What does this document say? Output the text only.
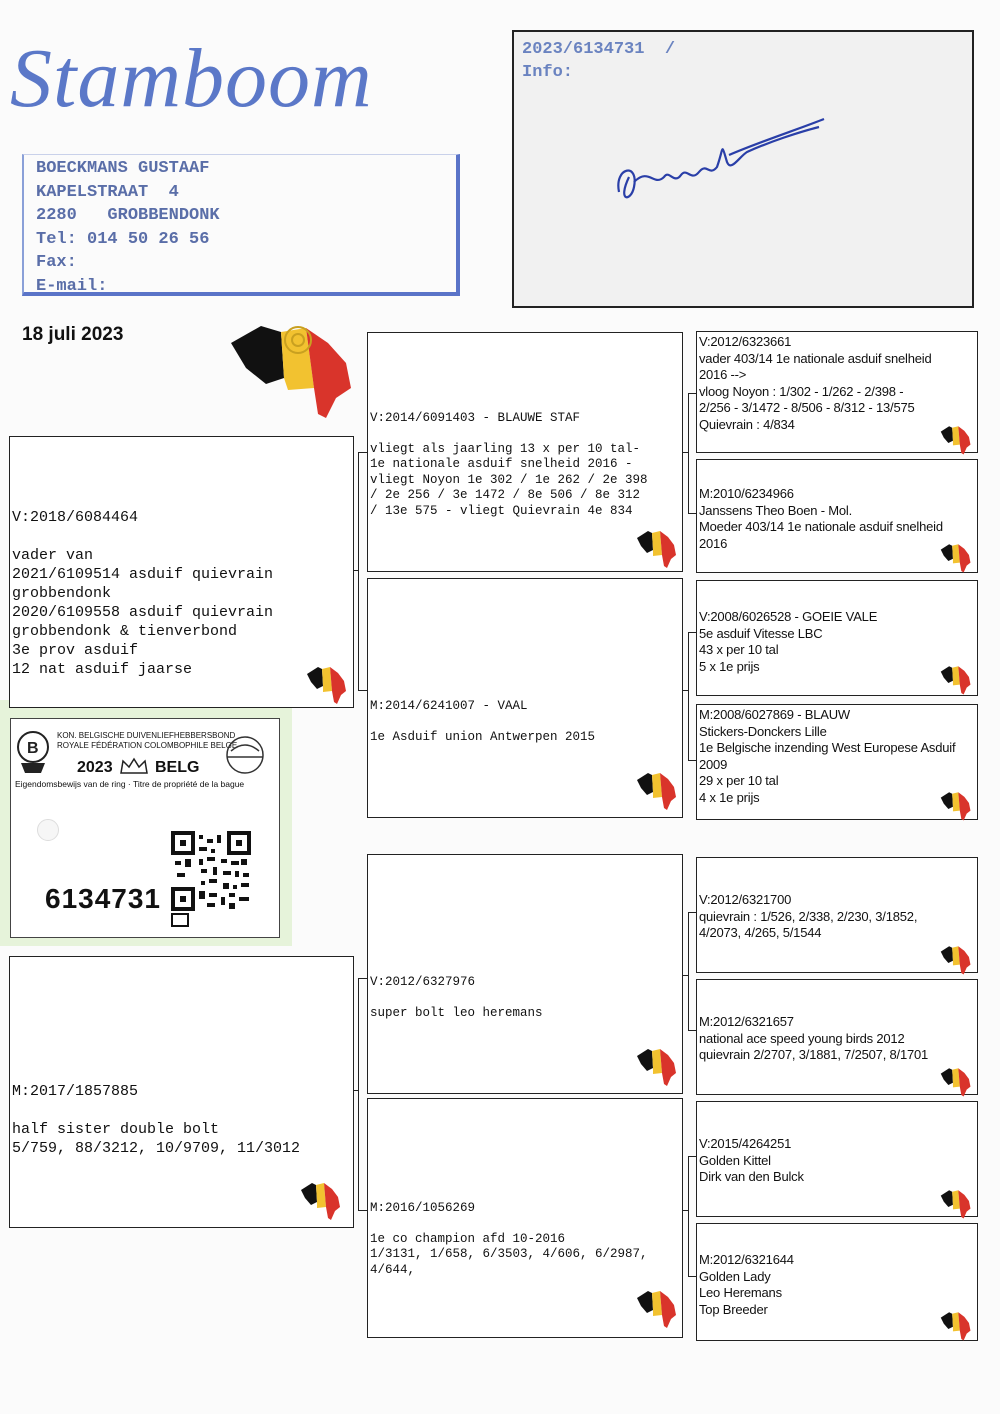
Stamboom
BOECKMANS GUSTAAF
KAPELSTRAAT  4
2280   GROBBENDONK
Tel: 014 50 26 56
Fax:
E-mail:
2023/6134731  /
Info:
18 juli 2023
B
KON. BELGISCHE DUIVENLIEFHEBBERSBOND
ROYALE FÉDÉRATION COLOMBOPHILE BELGE
2023	BELG
Eigendomsbewijs van de ring · Titre de propriété de la bague
6134731

V:2018/6084464

vader van
2021/6109514 asduif quievrain
grobbendonk
2020/6109558 asduif quievrain
grobbendonk & tienverbond
3e prov asduif
12 nat asduif jaarse

M:2017/1857885

half sister double bolt
5/759, 88/3212, 10/9709, 11/3012

V:2014/6091403 - BLAUWE STAF

vliegt als jaarling 13 x per 10 tal-
1e nationale asduif snelheid 2016 -
vliegt Noyon 1e 302 / 1e 262 / 2e 398
/ 2e 256 / 3e 1472 / 8e 506 / 8e 312
/ 13e 575 - vliegt Quievrain 4e 834

M:2014/6241007 - VAAL

1e Asduif union Antwerpen 2015

V:2012/6327976

super bolt leo heremans

M:2016/1056269

1e co champion afd 10-2016
1/3131, 1/658, 6/3503, 4/606, 6/2987,
4/644,

V:2012/6323661
vader 403/14 1e nationale asduif snelheid
2016 -->
vloog Noyon : 1/302 - 1/262 - 2/398 -
2/256 - 3/1472 - 8/506 - 8/312 - 13/575
Quievrain : 4/834
M:2010/6234966
Janssens Theo Boen - Mol.
Moeder 403/14 1e nationale asduif snelheid
2016
V:2008/6026528 - GOEIE VALE
5e asduif Vitesse LBC
43 x per 10 tal
5 x 1e prijs
M:2008/6027869 - BLAUW
Stickers-Donckers Lille
1e Belgische inzending West Europese Asduif
2009
29 x per 10 tal
4 x 1e prijs
V:2012/6321700
quievrain : 1/526, 2/338, 2/230, 3/1852,
4/2073, 4/265, 5/1544
M:2012/6321657
national ace speed young birds 2012
quievrain 2/2707, 3/1881, 7/2507, 8/1701
V:2015/4264251
Golden Kittel
Dirk van den Bulck
M:2012/6321644
Golden Lady
Leo Heremans
Top Breeder
